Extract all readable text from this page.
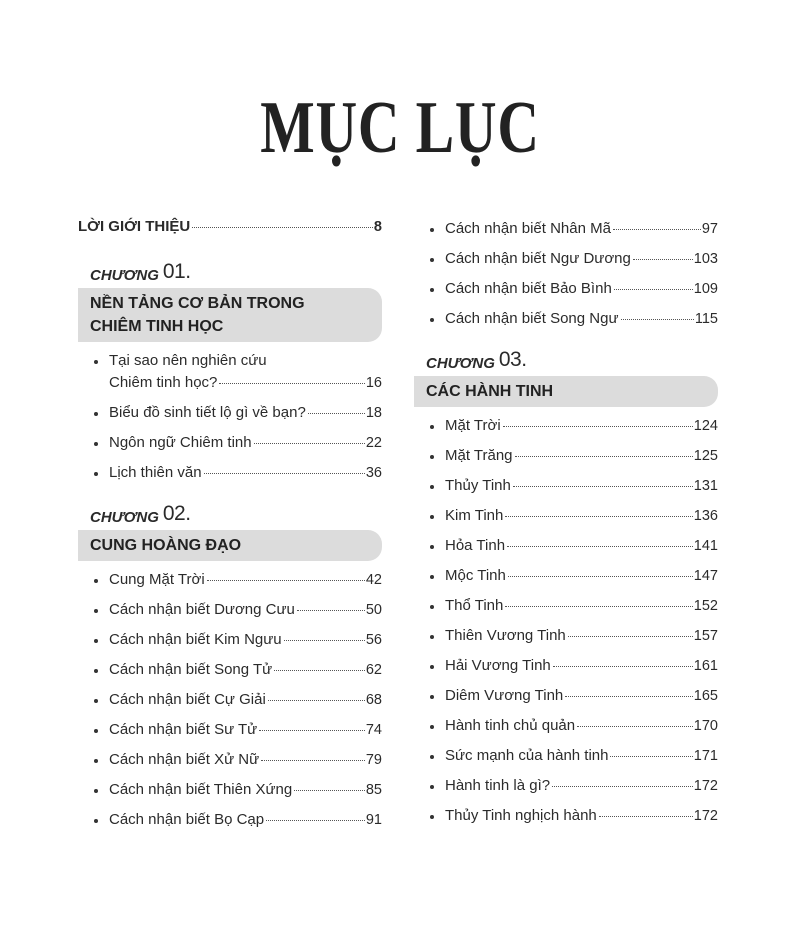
MỤC LỤC
LỜI GIỚI THIỆU	8
CHƯƠNG 01.
NỀN TẢNG CƠ BẢN TRONG
CHIÊM TINH HỌC
Tại sao nên nghiên cứu
Chiêm tinh học?	16
Biểu đồ sinh tiết lộ gì về bạn?	18
Ngôn ngữ Chiêm tinh	22
Lịch thiên văn	36
CHƯƠNG 02.
CUNG HOÀNG ĐẠO
Cung Mặt Trời	42
Cách nhận biết Dương Cưu	50
Cách nhận biết Kim Ngưu	56
Cách nhận biết Song Tử	62
Cách nhận biết Cự Giải	68
Cách nhận biết Sư Tử	74
Cách nhận biết Xử Nữ	79
Cách nhận biết Thiên Xứng	85
Cách nhận biết Bọ Cạp	91
Cách nhận biết Nhân Mã	97
Cách nhận biết Ngư Dương	103
Cách nhận biết Bảo Bình	109
Cách nhận biết Song Ngư	115
CHƯƠNG 03.
CÁC HÀNH TINH
Mặt Trời	124
Mặt Trăng	125
Thủy Tinh	131
Kim Tinh	136
Hỏa Tinh	141
Mộc Tinh	147
Thổ Tinh	152
Thiên Vương Tinh	157
Hải Vương Tinh	161
Diêm Vương Tinh	165
Hành tinh chủ quản	170
Sức mạnh của hành tinh	171
Hành tinh là gì?	172
Thủy Tinh nghịch hành	172
